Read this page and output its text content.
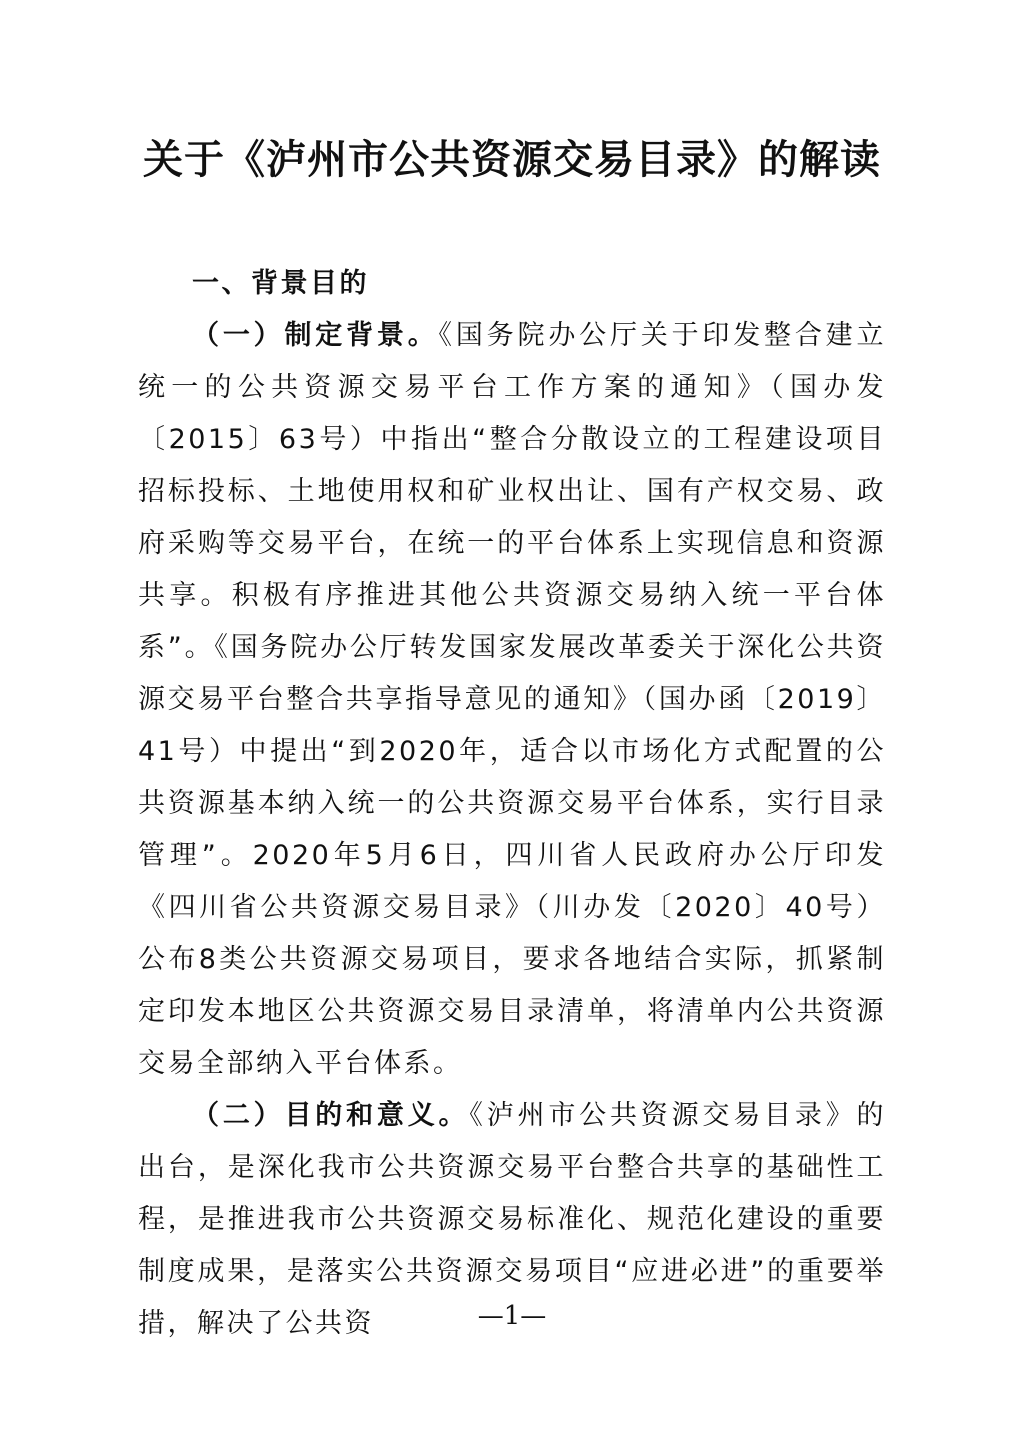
关于《泸州市公共资源交易目录》的解读

一、背景目的

（一）制定背景。《国务院办公厅关于印发整合建立统一的公共资源交易平台工作方案的通知》（国办发〔2015〕63号）中指出“整合分散设立的工程建设项目招标投标、土地使用权和矿业权出让、国有产权交易、政府采购等交易平台，在统一的平台体系上实现信息和资源共享。积极有序推进其他公共资源交易纳入统一平台体系”。《国务院办公厅转发国家发展改革委关于深化公共资源交易平台整合共享指导意见的通知》（国办函〔2019〕41号）中提出“到2020年，适合以市场化方式配置的公共资源基本纳入统一的公共资源交易平台体系，实行目录管理”。2020年5月6日，四川省人民政府办公厅印发《四川省公共资源交易目录》（川办发〔2020〕40号）公布8类公共资源交易项目，要求各地结合实际，抓紧制定印发本地区公共资源交易目录清单，将清单内公共资源交易全部纳入平台体系。

（二）目的和意义。《泸州市公共资源交易目录》的出台，是深化我市公共资源交易平台整合共享的基础性工程，是推进我市公共资源交易标准化、规范化建设的重要制度成果，是落实公共资源交易项目“应进必进”的重要举措，解决了公共资	—1—
